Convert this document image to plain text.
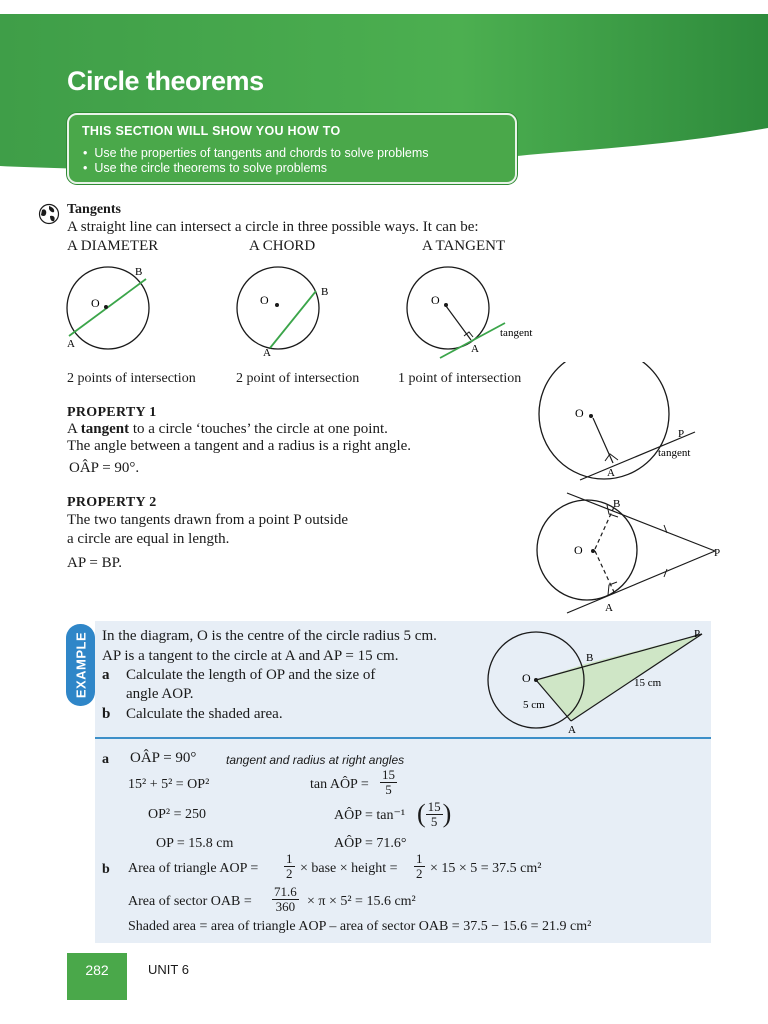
Circle theorems
THIS SECTION WILL SHOW YOU HOW TO
•  Use the properties of tangents and chords to solve problems
•  Use the circle theorems to solve problems
Tangents
A straight line can intersect a circle in three possible ways. It can be:
A DIAMETER	A CHORD	A TANGENT
O
B
A
O
B
A
O
A
tangent
2 points of intersection	2 point of intersection	1 point of intersection
PROPERTY 1
A tangent to a circle ‘touches’ the circle at one point.
The angle between a tangent and a radius is a right angle.
OÂP = 90°.
O
A
P
tangent
PROPERTY 2
The two tangents drawn from a point P outside
a circle are equal in length.
AP = BP.
O
B
A
P
EXAMPLE In the diagram, O is the centre of the circle radius 5 cm.
AP is a tangent to the circle at A and AP = 15 cm.
a Calculate the length of OP and the size of
angle AOP.
b Calculate the shaded area.
O
B
A
P
5 cm
15 cm
a OÂP = 90° tangent and radius at right angles
15² + 5² = OP²	tan AÔP = $\frac{15}{5}$
OP² = 250	AÔP = tan⁻¹ ( $\frac{15}{5}$ )
OP = 15.8 cm	AÔP = 71.6°
b Area of triangle AOP = $\frac{1}{2}$ × base × height = $\frac{1}{2} \times 15 \times 5 = 37.5$ cm²
Area of sector OAB = $\frac{71.6}{360} \times \pi \times 5^2 = 15.6$ cm²
Shaded area = area of triangle AOP – area of sector OAB = 37.5 − 15.6 = 21.9 cm²
282	UNIT 6
